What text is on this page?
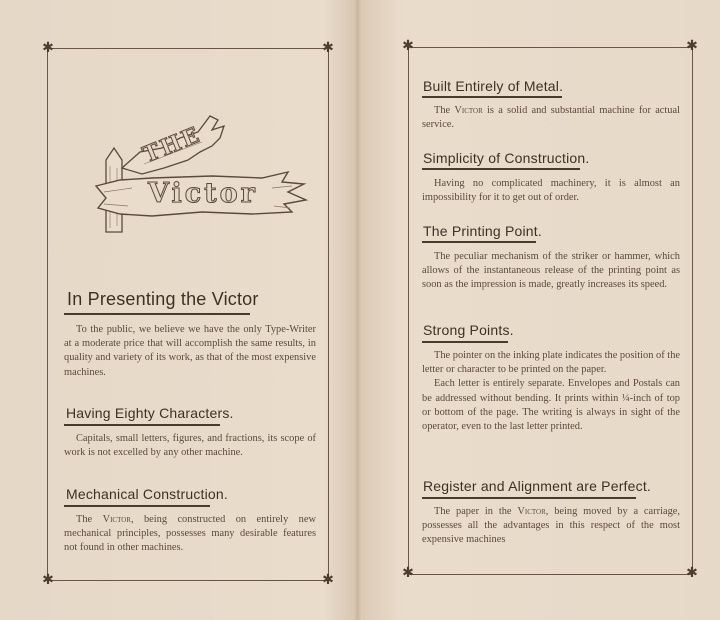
✱	✱
✱	✱
THE
Victor
In Presenting the Victor

To the public, we believe we have the only Type-Writer at a moderate price that will accomplish the same results, in quality and variety of its work, as that of the most expensive machines.

Having Eighty Characters.

Capitals, small letters, figures, and fractions, its scope of work is not excelled by any other machine.

Mechanical Construction.

The Victor, being constructed on entirely new mechanical principles, possesses many desirable features not found in other machines.

✱	✱
✱	✱
Built Entirely of Metal.

The Victor is a solid and substantial machine for actual service.

Simplicity of Construction.

Having no complicated machinery, it is almost an impossibility for it to get out of order.

The Printing Point.

The peculiar mechanism of the striker or hammer, which allows of the instantaneous release of the printing point as soon as the impression is made, greatly increases its speed.

Strong Points.

The pointer on the inking plate indicates the position of the letter or character to be printed on the paper.

Each letter is entirely separate. Envelopes and Postals can be addressed without bending. It prints within ¼-inch of top or bottom of the page. The writing is always in sight of the operator, even to the last letter printed.

Register and Alignment are Perfect.

The paper in the Victor, being moved by a carriage, possesses all the advantages in this respect of the most expensive machines
